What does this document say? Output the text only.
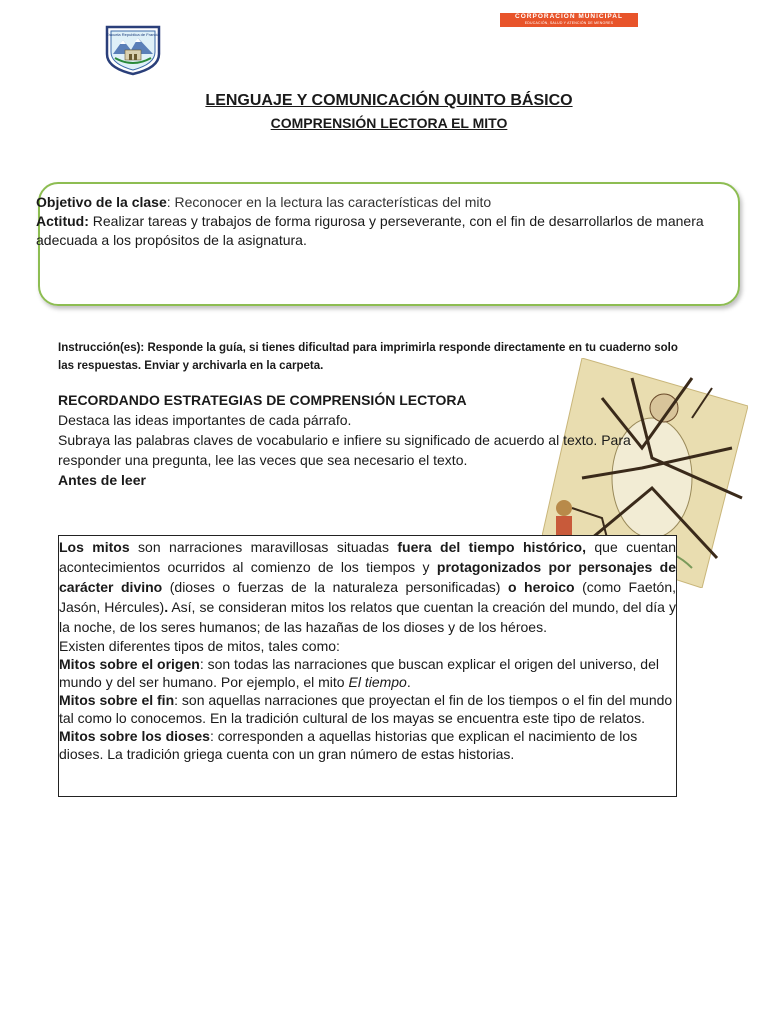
Escuela Republica de Francia
CORPORACIÓN MUNICIPAL
EDUCACIÓN, SALUD Y ATENCIÓN DE MENORES
LENGUAJE Y COMUNICACIÓN QUINTO BÁSICO
COMPRENSIÓN LECTORA EL MITO
Objetivo de la clase: Reconocer en la lectura las características del mito
Actitud: Realizar tareas y trabajos de forma rigurosa y perseverante, con el fin de desarrollarlos de manera adecuada a los propósitos de la asignatura.
Instrucción(es): Responde la guía, si tienes dificultad para imprimirla responde directamente en tu cuaderno solo las respuestas. Enviar y archivarla en la carpeta.
RECORDANDO ESTRATEGIAS DE COMPRENSIÓN LECTORA
Destaca las ideas importantes de cada párrafo.
Subraya las palabras claves de vocabulario e infiere su significado de acuerdo al texto. Para responder una pregunta, lee las veces que sea necesario el texto.
Antes de leer

Los mitos son narraciones maravillosas situadas fuera del tiempo histórico, que cuentan acontecimientos ocurridos al comienzo de los tiempos y protagonizados por personajes de carácter divino (dioses o fuerzas de la naturaleza personificadas) o heroico (como Faetón, Jasón, Hércules). Así, se consideran mitos los relatos que cuentan la creación del mundo, del día y la noche, de los seres humanos; de las hazañas de los dioses y de los héroes.

Existen diferentes tipos de mitos, tales como:

Mitos sobre el origen: son todas las narraciones que buscan explicar el origen del universo, del mundo y del ser humano. Por ejemplo, el mito El tiempo.

Mitos sobre el fin: son aquellas narraciones que proyectan el fin de los tiempos o el fin del mundo tal como lo conocemos. En la tradición cultural de los mayas se encuentra este tipo de relatos.

Mitos sobre los dioses: corresponden a aquellas historias que explican el nacimiento de los dioses. La tradición griega cuenta con un gran número de estas historias.
